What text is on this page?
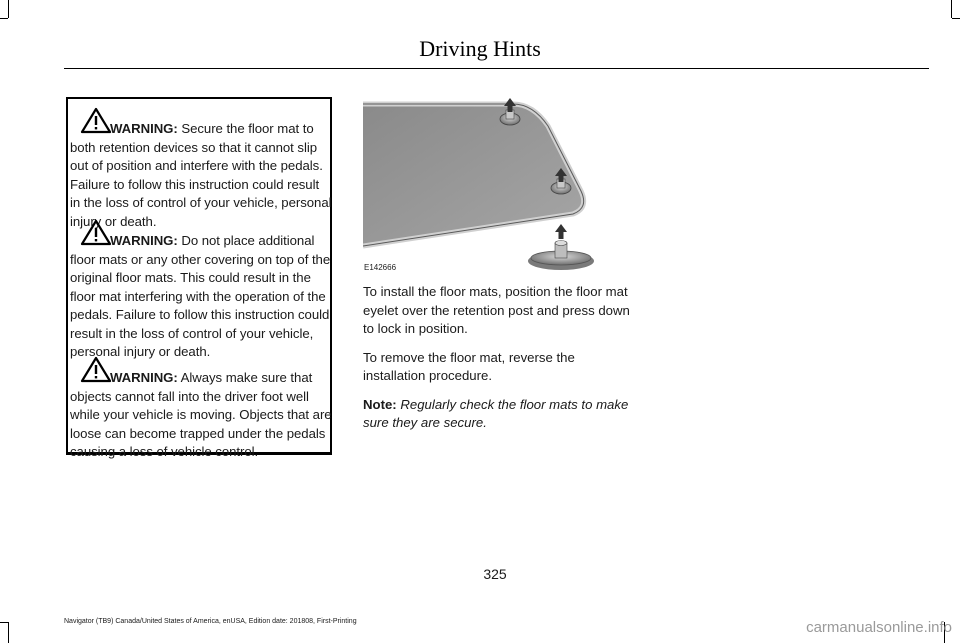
Driving Hints

WARNING: Secure the floor mat to both retention devices so that it cannot slip out of position and interfere with the pedals. Failure to follow this instruction could result in the loss of control of your vehicle, personal injury or death.

WARNING: Do not place additional floor mats or any other covering on top of the original floor mats. This could result in the floor mat interfering with the operation of the pedals. Failure to follow this instruction could result in the loss of control of your vehicle, personal injury or death.

WARNING: Always make sure that objects cannot fall into the driver foot well while your vehicle is moving. Objects that are loose can become trapped under the pedals causing a loss of vehicle control.

E142666

To install the floor mats, position the floor mat eyelet over the retention post and press down to lock in position.

To remove the floor mat, reverse the installation procedure.

Note: Regularly check the floor mats to make sure they are secure.

325
Navigator (TB9) Canada/United States of America, enUSA, Edition date: 201808, First-Printing	carmanualsonline.info
